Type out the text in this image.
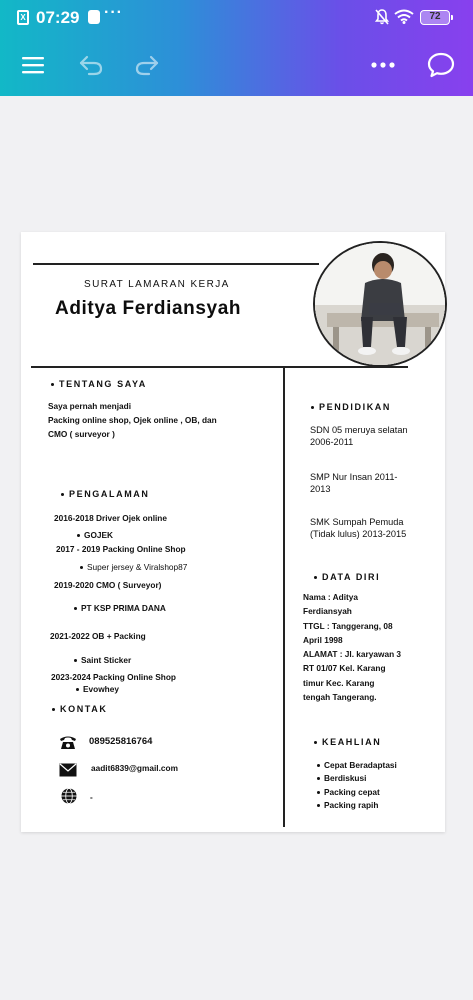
X 07:29 ···	72
SURAT LAMARAN KERJA
Aditya Ferdiansyah
TENTANG SAYA
Saya pernah menjadi
Packing online shop, Ojek online , OB, dan
CMO ( surveyor )
PENGALAMAN
2016-2018 Driver Ojek online
GOJEK
2017 - 2019 Packing Online Shop
Super jersey & Viralshop87
2019-2020 CMO ( Surveyor)
PT KSP PRIMA DANA
2021-2022 OB + Packing
Saint Sticker
2023-2024 Packing Online Shop
Evowhey
KONTAK
089525816764
aadit6839@gmail.com
-
PENDIDIKAN
SDN 05 meruya selatan
2006-2011
SMP Nur Insan 2011-
2013
SMK Sumpah Pemuda
(Tidak lulus) 2013-2015
DATA DIRI
Nama : Aditya
Ferdiansyah
TTGL : Tanggerang, 08
April 1998
ALAMAT : Jl. karyawan 3
RT 01/07 Kel. Karang
timur Kec. Karang
tengah Tangerang.
KEAHLIAN
Cepat Beradaptasi
Berdiskusi
Packing cepat
Packing rapih
